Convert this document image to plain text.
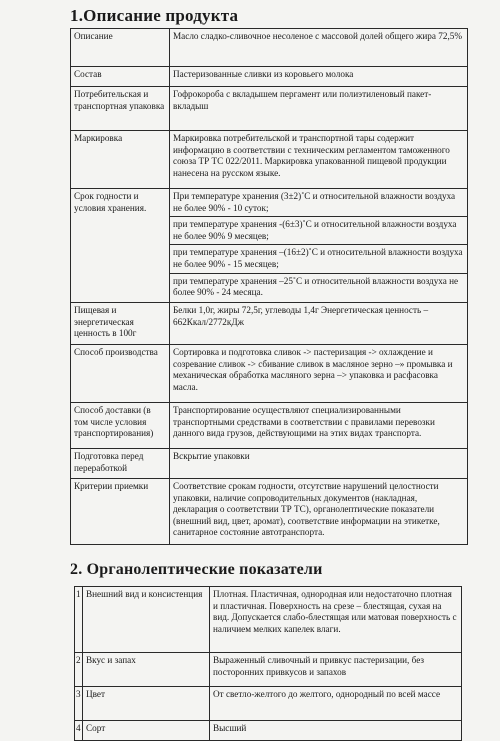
1.Описание продукта
Описание	Масло сладко-сливочное несоленое с массовой долей общего жира 72,5%

Состав	Пастеризованные сливки из коровьего молока

Потребительская и транспортная упаковка	Гофрокоробa с вкладышем пергамент или полиэтиленовый пакет-вкладыш

Маркировка	Маркировка потребительской и транспортной тары содержит информацию в соответствии с техническим регламентом таможенного союза ТР ТС 022/2011. Маркировка упакованной пищевой продукции нанесена на русском языке.

Срок годности и условия хранения.	При температуре хранения (3±2)˚С и относительной влажности воздуха не более 90% - 10 суток;
при температуре хранения -(6±3)˚С и относительной влажности воздуха не более 90% 9 месяцев;
при температуре хранения –(16±2)˚С и относительной влажности воздуха не более 90% - 15 месяцев;
при температуре хранения –25˚С и относительной влажности воздуха не более 90% - 24 месяца.

Пищевая и энергетическая ценность в 100г	Белки 1,0г, жиры 72,5г, углеводы 1,4г Энергетическая ценность – 662Ккал/2772кДж

Способ производства	Сортировка и подготовка сливок -> пастеризация -> охлаждение и созревание сливок -> сбивание сливок в масляное зерно –» промывка и механическая обработка масляного зерна –> упаковка и расфасовка масла.

Способ доставки (в том числе условия транспортирования)	Транспортирование осуществляют специализированными транспортными средствами в соответствии с правилами перевозки данного вида грузов, действующими на этих видах транспорта.

Подготовка перед переработкой	Вскрытие упаковки

Критерии приемки	Соответствие срокам годности, отсутствие нарушений целостности упаковки, наличие сопроводительных документов (накладная, декларация о соответствии ТР ТС), органолептические показатели (внешний вид, цвет, аромат), соответствие информации на этикетке, санитарное состояние автотранспорта.
2. Органолептические показатели
1	Внешний вид и консистенция	Плотная. Пластичная, однородная или недостаточно плотная и пластичная. Поверхность на срезе – блестящая, сухая на вид. Допускается слабо-блестящая или матовая поверхность с наличием мелких капелек влаги.
2	Вкус и запах	Выраженный сливочный и привкус пастеризации, без посторонних привкусов и запахов
3	Цвет	От светло-желтого до желтого, однородный по всей массе
4	Сорт	Высший
